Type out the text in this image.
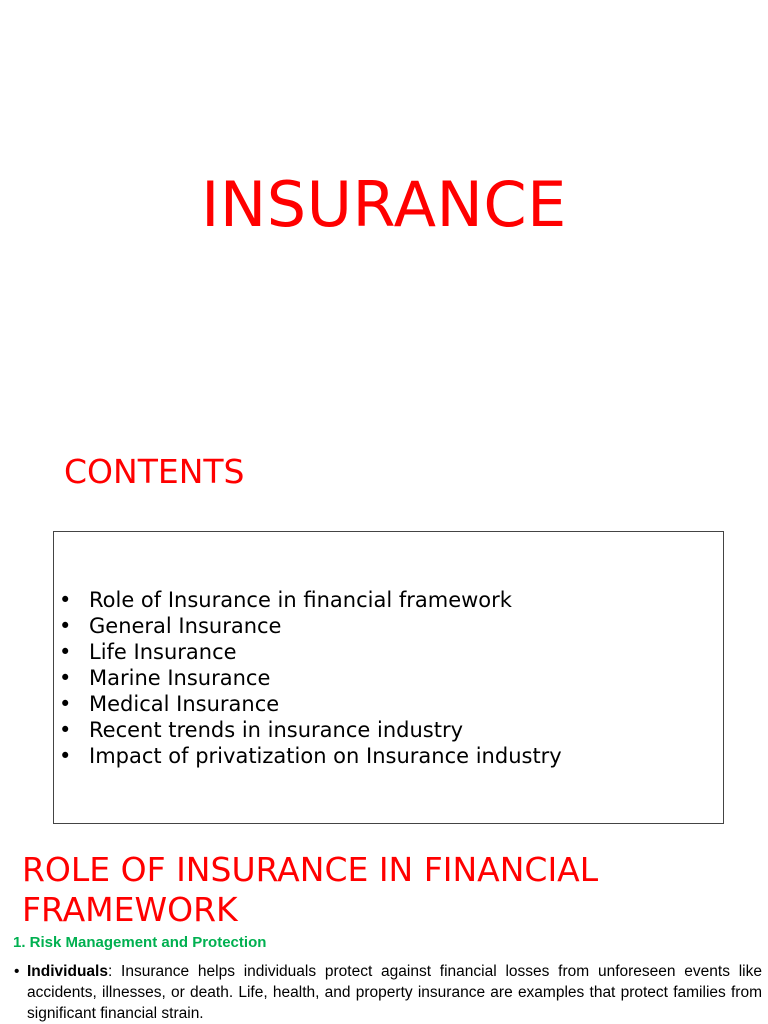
INSURANCE
CONTENTS
• Role of Insurance in financial framework
• General Insurance
• Life Insurance
• Marine Insurance
• Medical Insurance
• Recent trends in insurance industry
• Impact of privatization on Insurance industry
ROLE OF INSURANCE IN FINANCIAL
FRAMEWORK
1. Risk Management and Protection
• Individuals: Insurance helps individuals protect against financial losses from unforeseen events like accidents, illnesses, or death. Life, health, and property insurance are examples that protect families from significant financial strain.
